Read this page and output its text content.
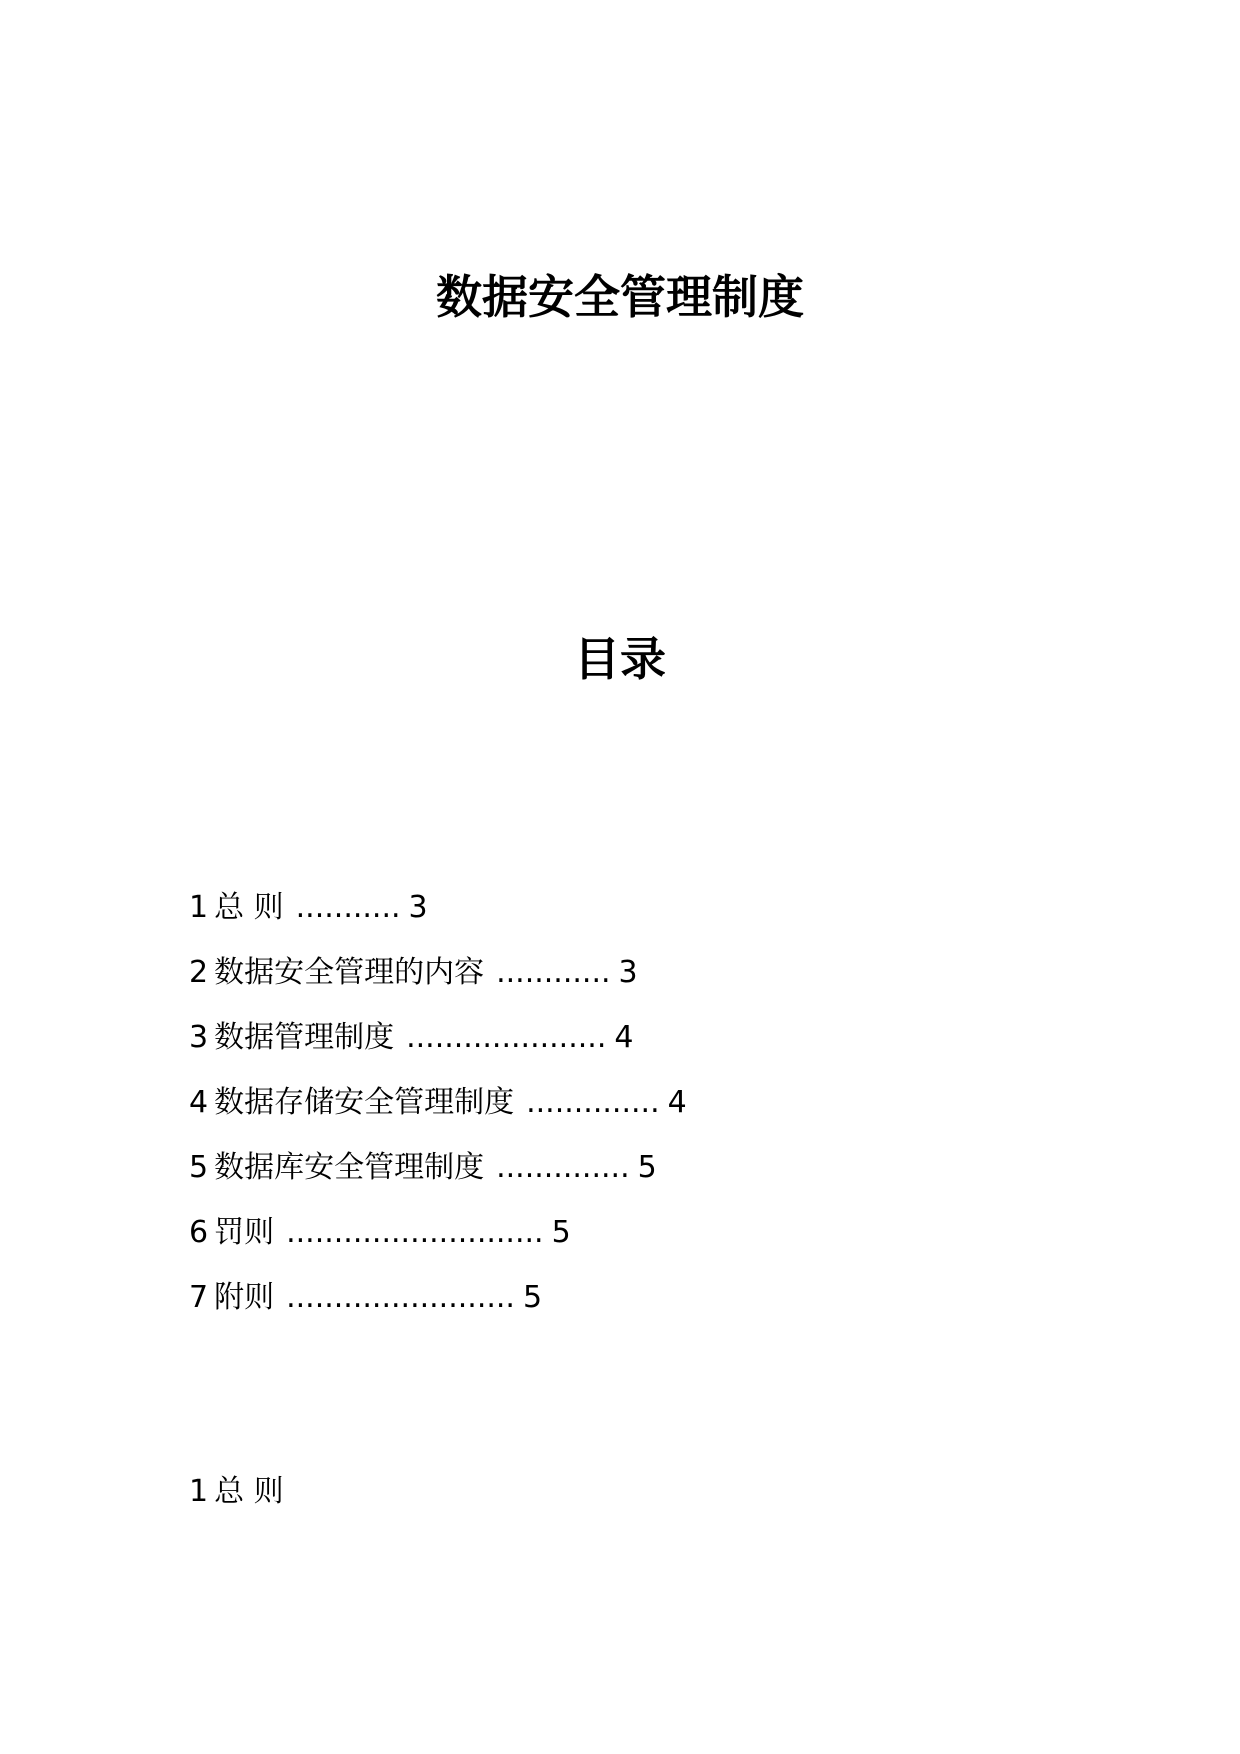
数据安全管理制度
目录
1 总 则 ........... 3
2 数据安全管理的内容 ............ 3
3 数据管理制度 ..................... 4
4 数据存储安全管理制度 .............. 4
5 数据库安全管理制度 .............. 5
6 罚则 ........................... 5
7 附则 ........................ 5
1 总 则
